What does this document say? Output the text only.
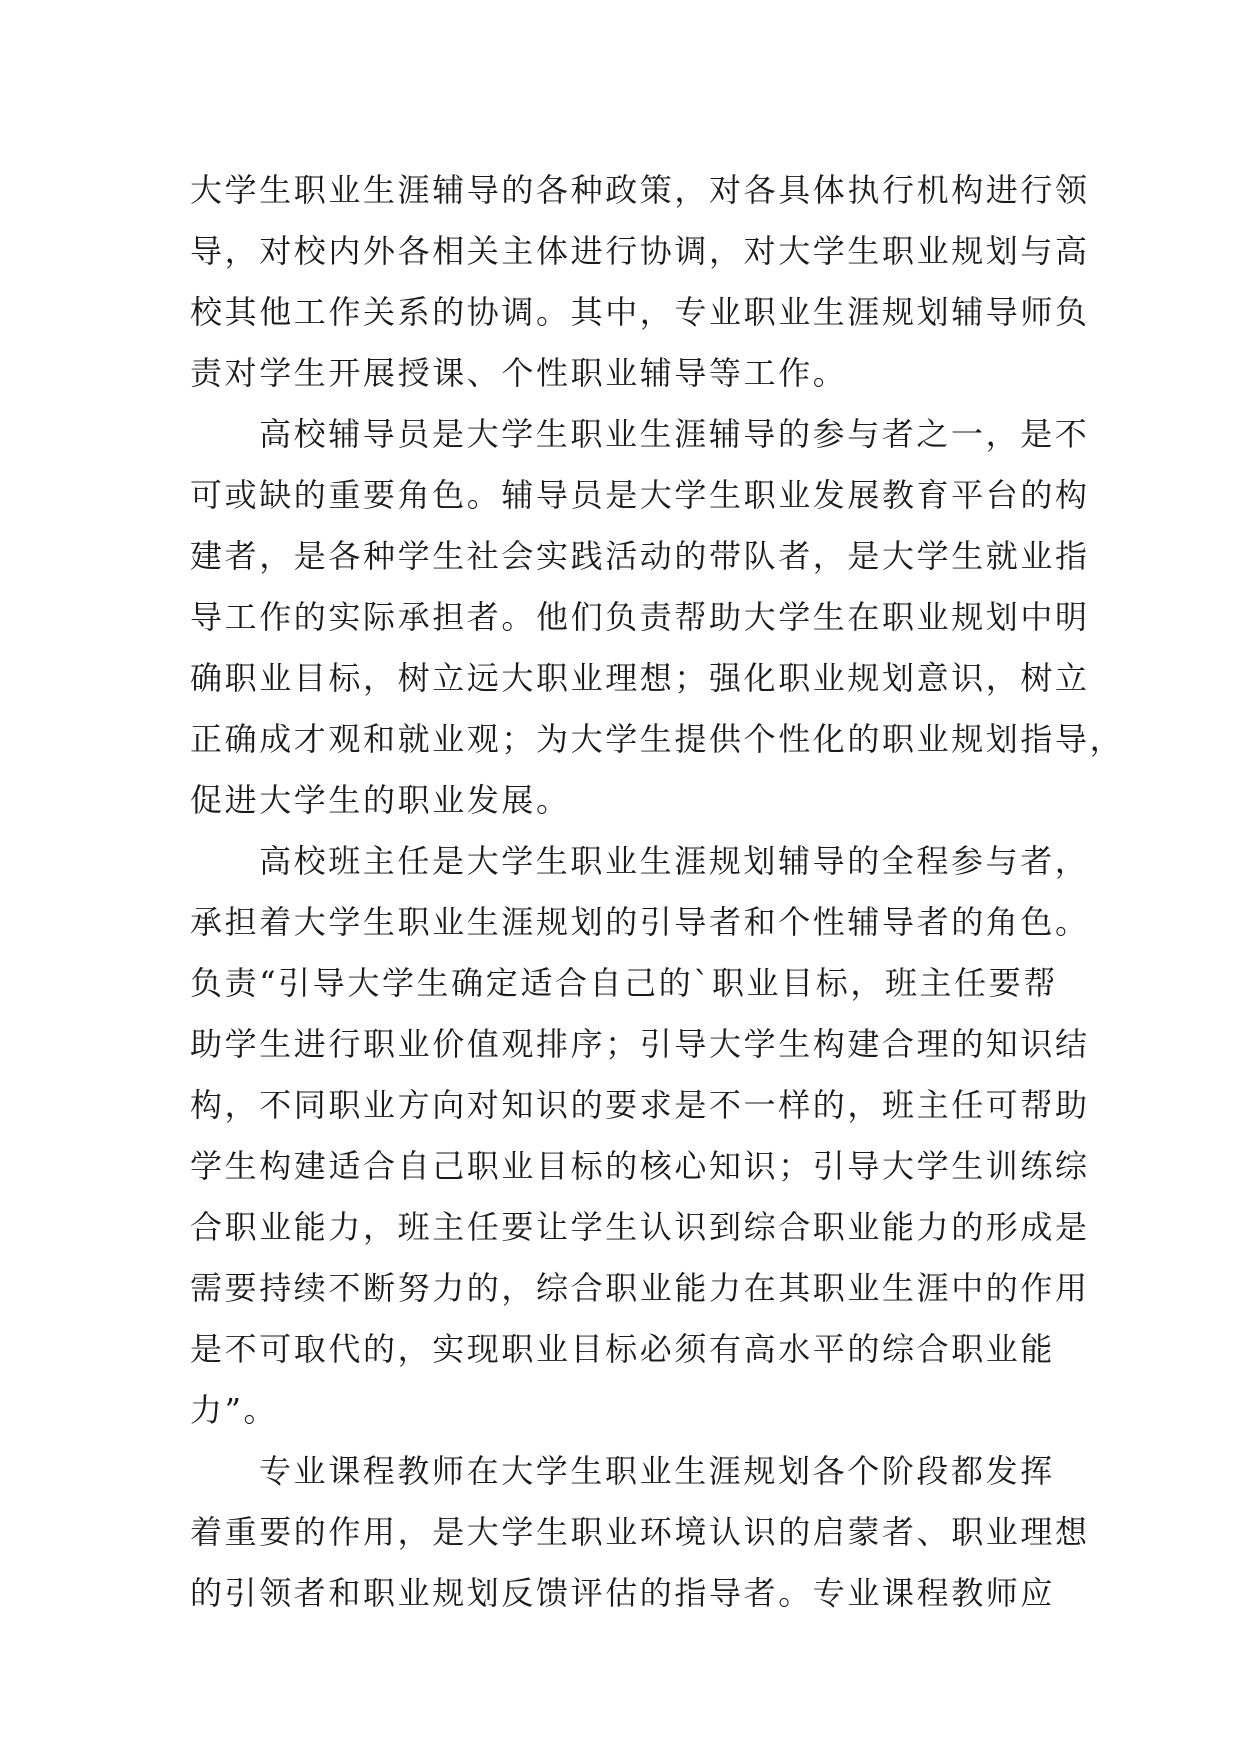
大学生职业生涯辅导的各种政策，对各具体执行机构进行领
导，对校内外各相关主体进行协调，对大学生职业规划与高
校其他工作关系的协调。其中，专业职业生涯规划辅导师负
责对学生开展授课、个性职业辅导等工作。
高校辅导员是大学生职业生涯辅导的参与者之一，是不
可或缺的重要角色。辅导员是大学生职业发展教育平台的构
建者，是各种学生社会实践活动的带队者，是大学生就业指
导工作的实际承担者。他们负责帮助大学生在职业规划中明
确职业目标，树立远大职业理想；强化职业规划意识，树立
正确成才观和就业观；为大学生提供个性化的职业规划指导，
促进大学生的职业发展。
高校班主任是大学生职业生涯规划辅导的全程参与者，
承担着大学生职业生涯规划的引导者和个性辅导者的角色。
负责“引导大学生确定适合自己的`职业目标，班主任要帮
助学生进行职业价值观排序；引导大学生构建合理的知识结
构，不同职业方向对知识的要求是不一样的，班主任可帮助
学生构建适合自己职业目标的核心知识；引导大学生训练综
合职业能力，班主任要让学生认识到综合职业能力的形成是
需要持续不断努力的，综合职业能力在其职业生涯中的作用
是不可取代的，实现职业目标必须有高水平的综合职业能
力”。
专业课程教师在大学生职业生涯规划各个阶段都发挥
着重要的作用，是大学生职业环境认识的启蒙者、职业理想
的引领者和职业规划反馈评估的指导者。专业课程教师应
